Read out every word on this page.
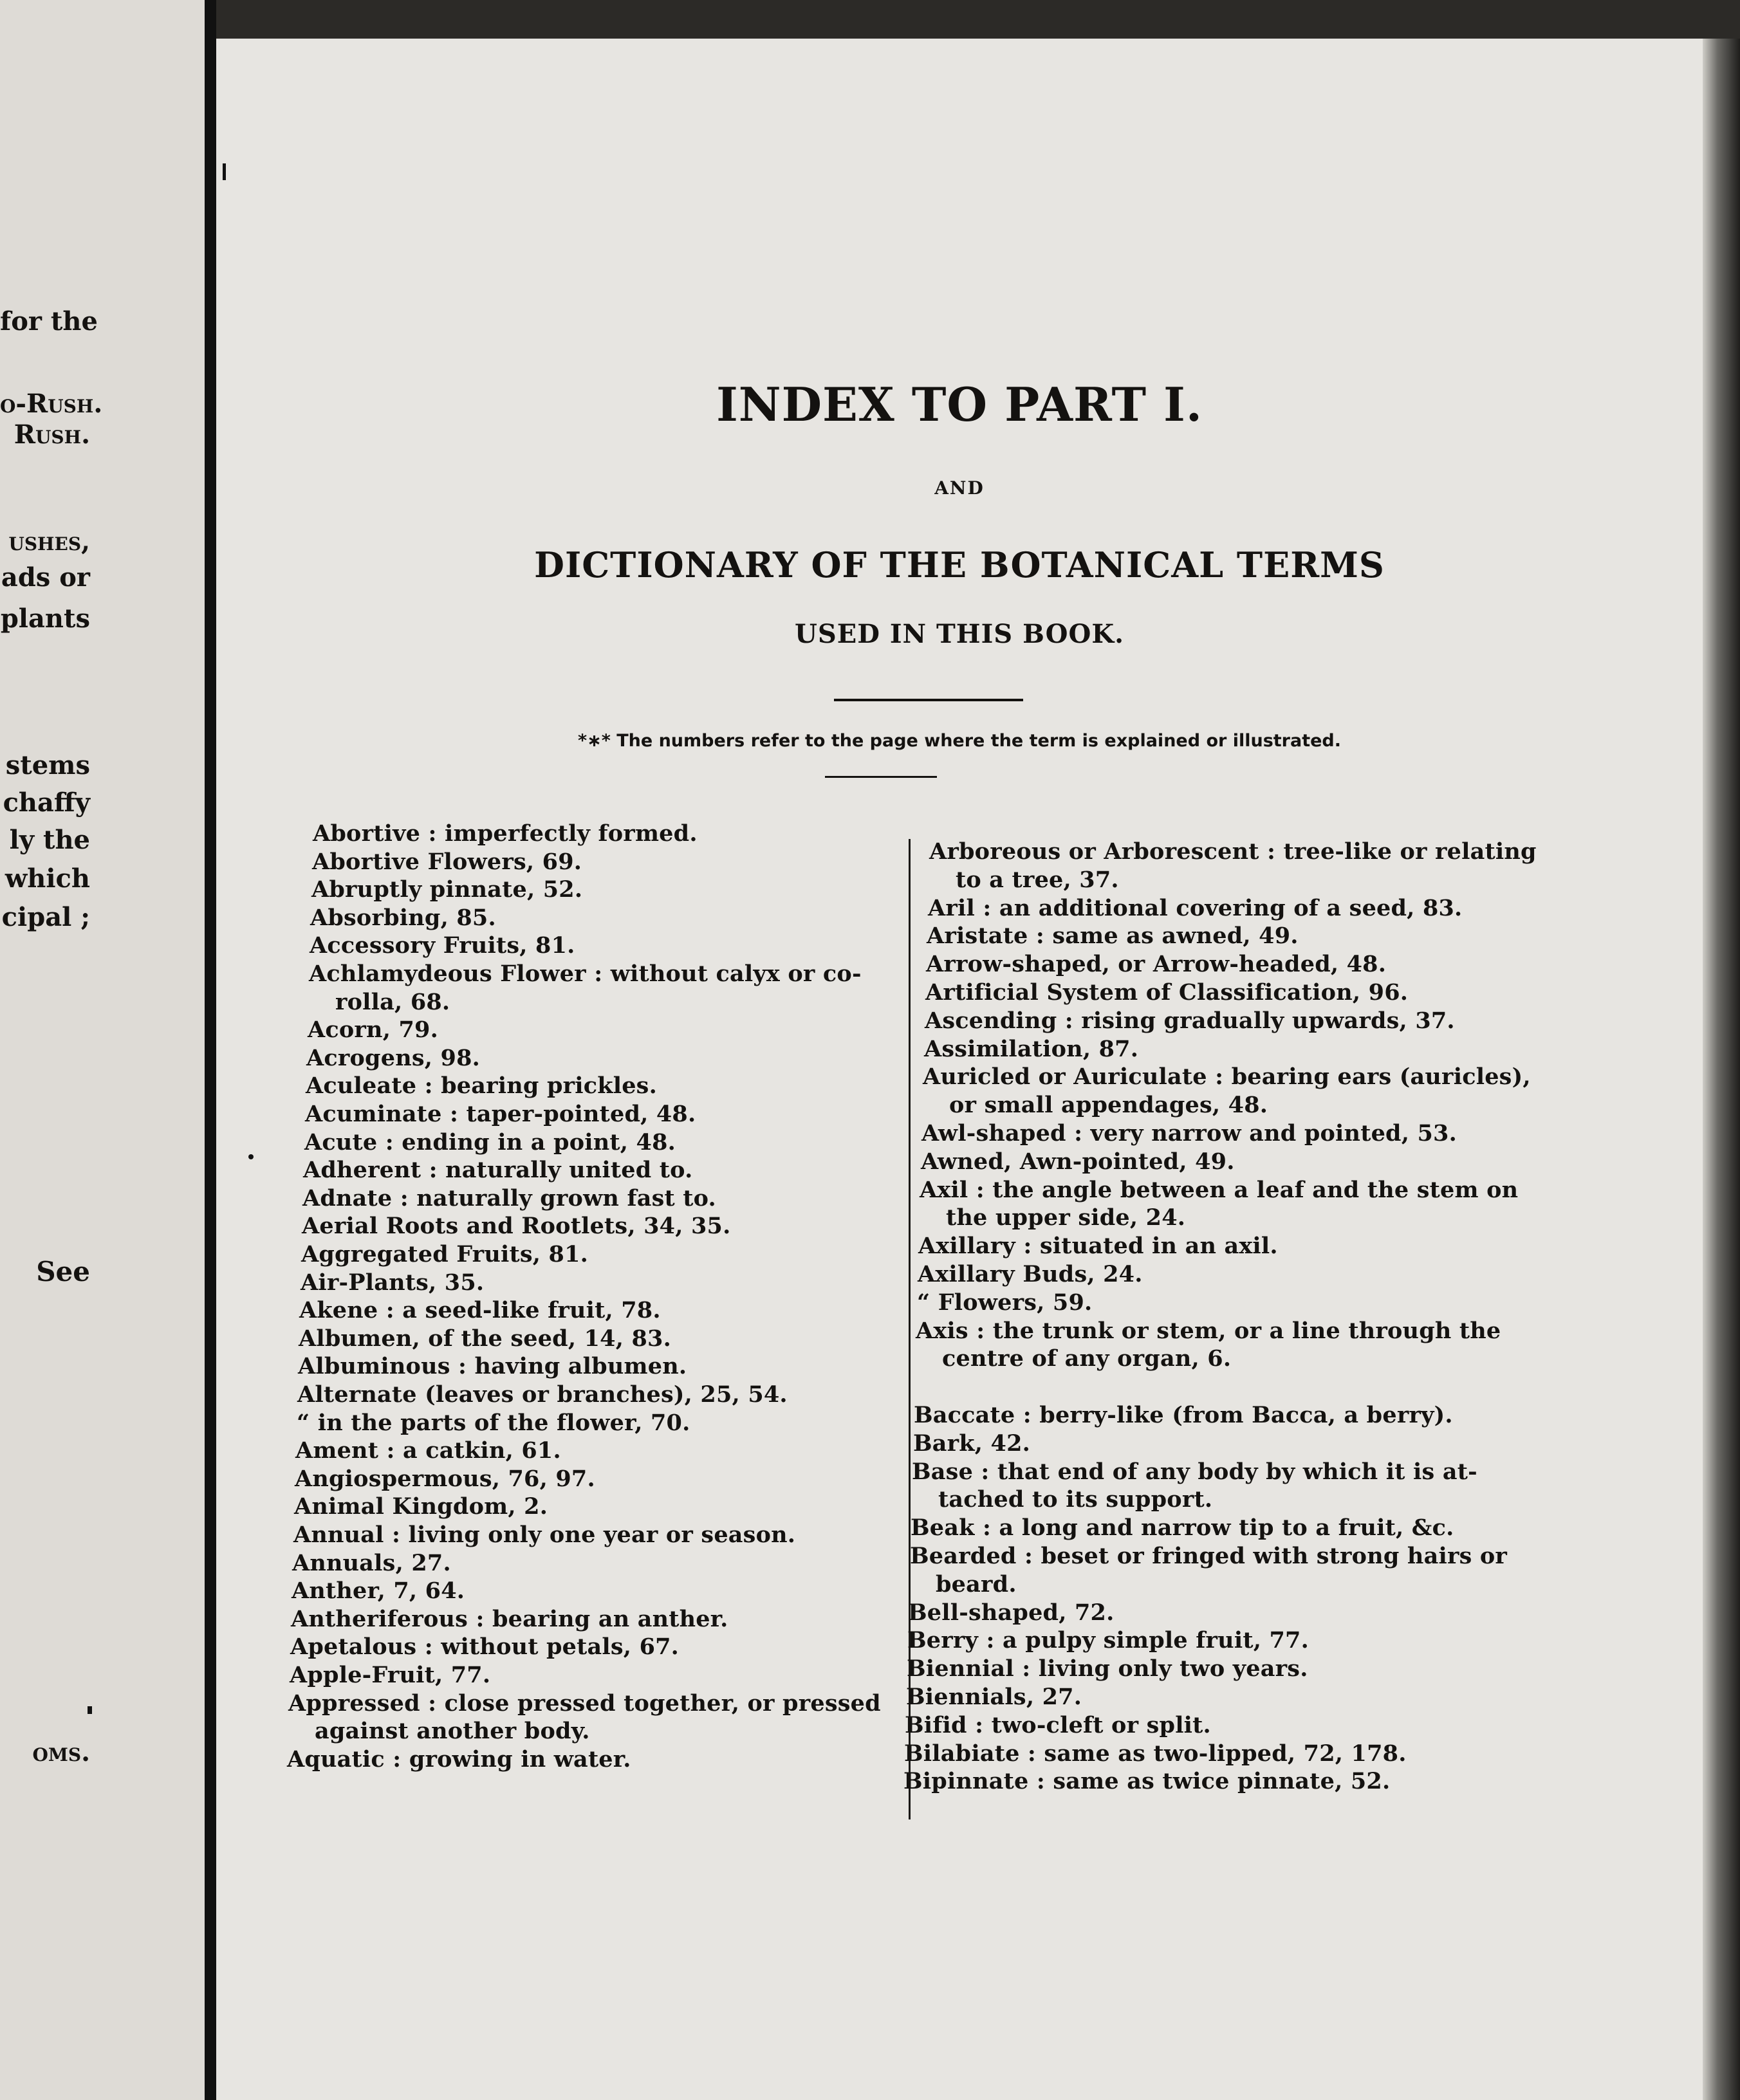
for the
o-Rush.
Rush.
ushes,
ads or
plants
stems
chaffy
ly the
which
cipal ;
See
oms.
INDEX TO PART I.
AND
DICTIONARY OF THE BOTANICAL TERMS
USED IN THIS BOOK.
*∗* The numbers refer to the page where the term is explained or illustrated.
Abortive : imperfectly formed.
Abortive Flowers, 69.
Abruptly pinnate, 52.
Absorbing, 85.
Accessory Fruits, 81.
Achlamydeous Flower : without calyx or co-
rolla, 68.
Acorn, 79.
Acrogens, 98.
Aculeate : bearing prickles.
Acuminate : taper-pointed, 48.
Acute : ending in a point, 48.
Adherent : naturally united to.
Adnate : naturally grown fast to.
Aerial Roots and Rootlets, 34, 35.
Aggregated Fruits, 81.
Air-Plants, 35.
Akene : a seed-like fruit, 78.
Albumen, of the seed, 14, 83.
Albuminous : having albumen.
Alternate (leaves or branches), 25, 54.
“ in the parts of the flower, 70.
Ament : a catkin, 61.
Angiospermous, 76, 97.
Animal Kingdom, 2.
Annual : living only one year or season.
Annuals, 27.
Anther, 7, 64.
Antheriferous : bearing an anther.
Apetalous : without petals, 67.
Apple-Fruit, 77.
Appressed : close pressed together, or pressed
against another body.
Aquatic : growing in water.
Arboreous or Arborescent : tree-like or relating
to a tree, 37.
Aril : an additional covering of a seed, 83.
Aristate : same as awned, 49.
Arrow-shaped, or Arrow-headed, 48.
Artificial System of Classification, 96.
Ascending : rising gradually upwards, 37.
Assimilation, 87.
Auricled or Auriculate : bearing ears (auricles),
or small appendages, 48.
Awl-shaped : very narrow and pointed, 53.
Awned, Awn-pointed, 49.
Axil : the angle between a leaf and the stem on
the upper side, 24.
Axillary : situated in an axil.
Axillary Buds, 24.
“ Flowers, 59.
Axis : the trunk or stem, or a line through the
centre of any organ, 6.
Baccate : berry-like (from Bacca, a berry).
Bark, 42.
Base : that end of any body by which it is at-
tached to its support.
Beak : a long and narrow tip to a fruit, &c.
Bearded : beset or fringed with strong hairs or
beard.
Bell-shaped, 72.
Berry : a pulpy simple fruit, 77.
Biennial : living only two years.
Biennials, 27.
Bifid : two-cleft or split.
Bilabiate : same as two-lipped, 72, 178.
Bipinnate : same as twice pinnate, 52.
